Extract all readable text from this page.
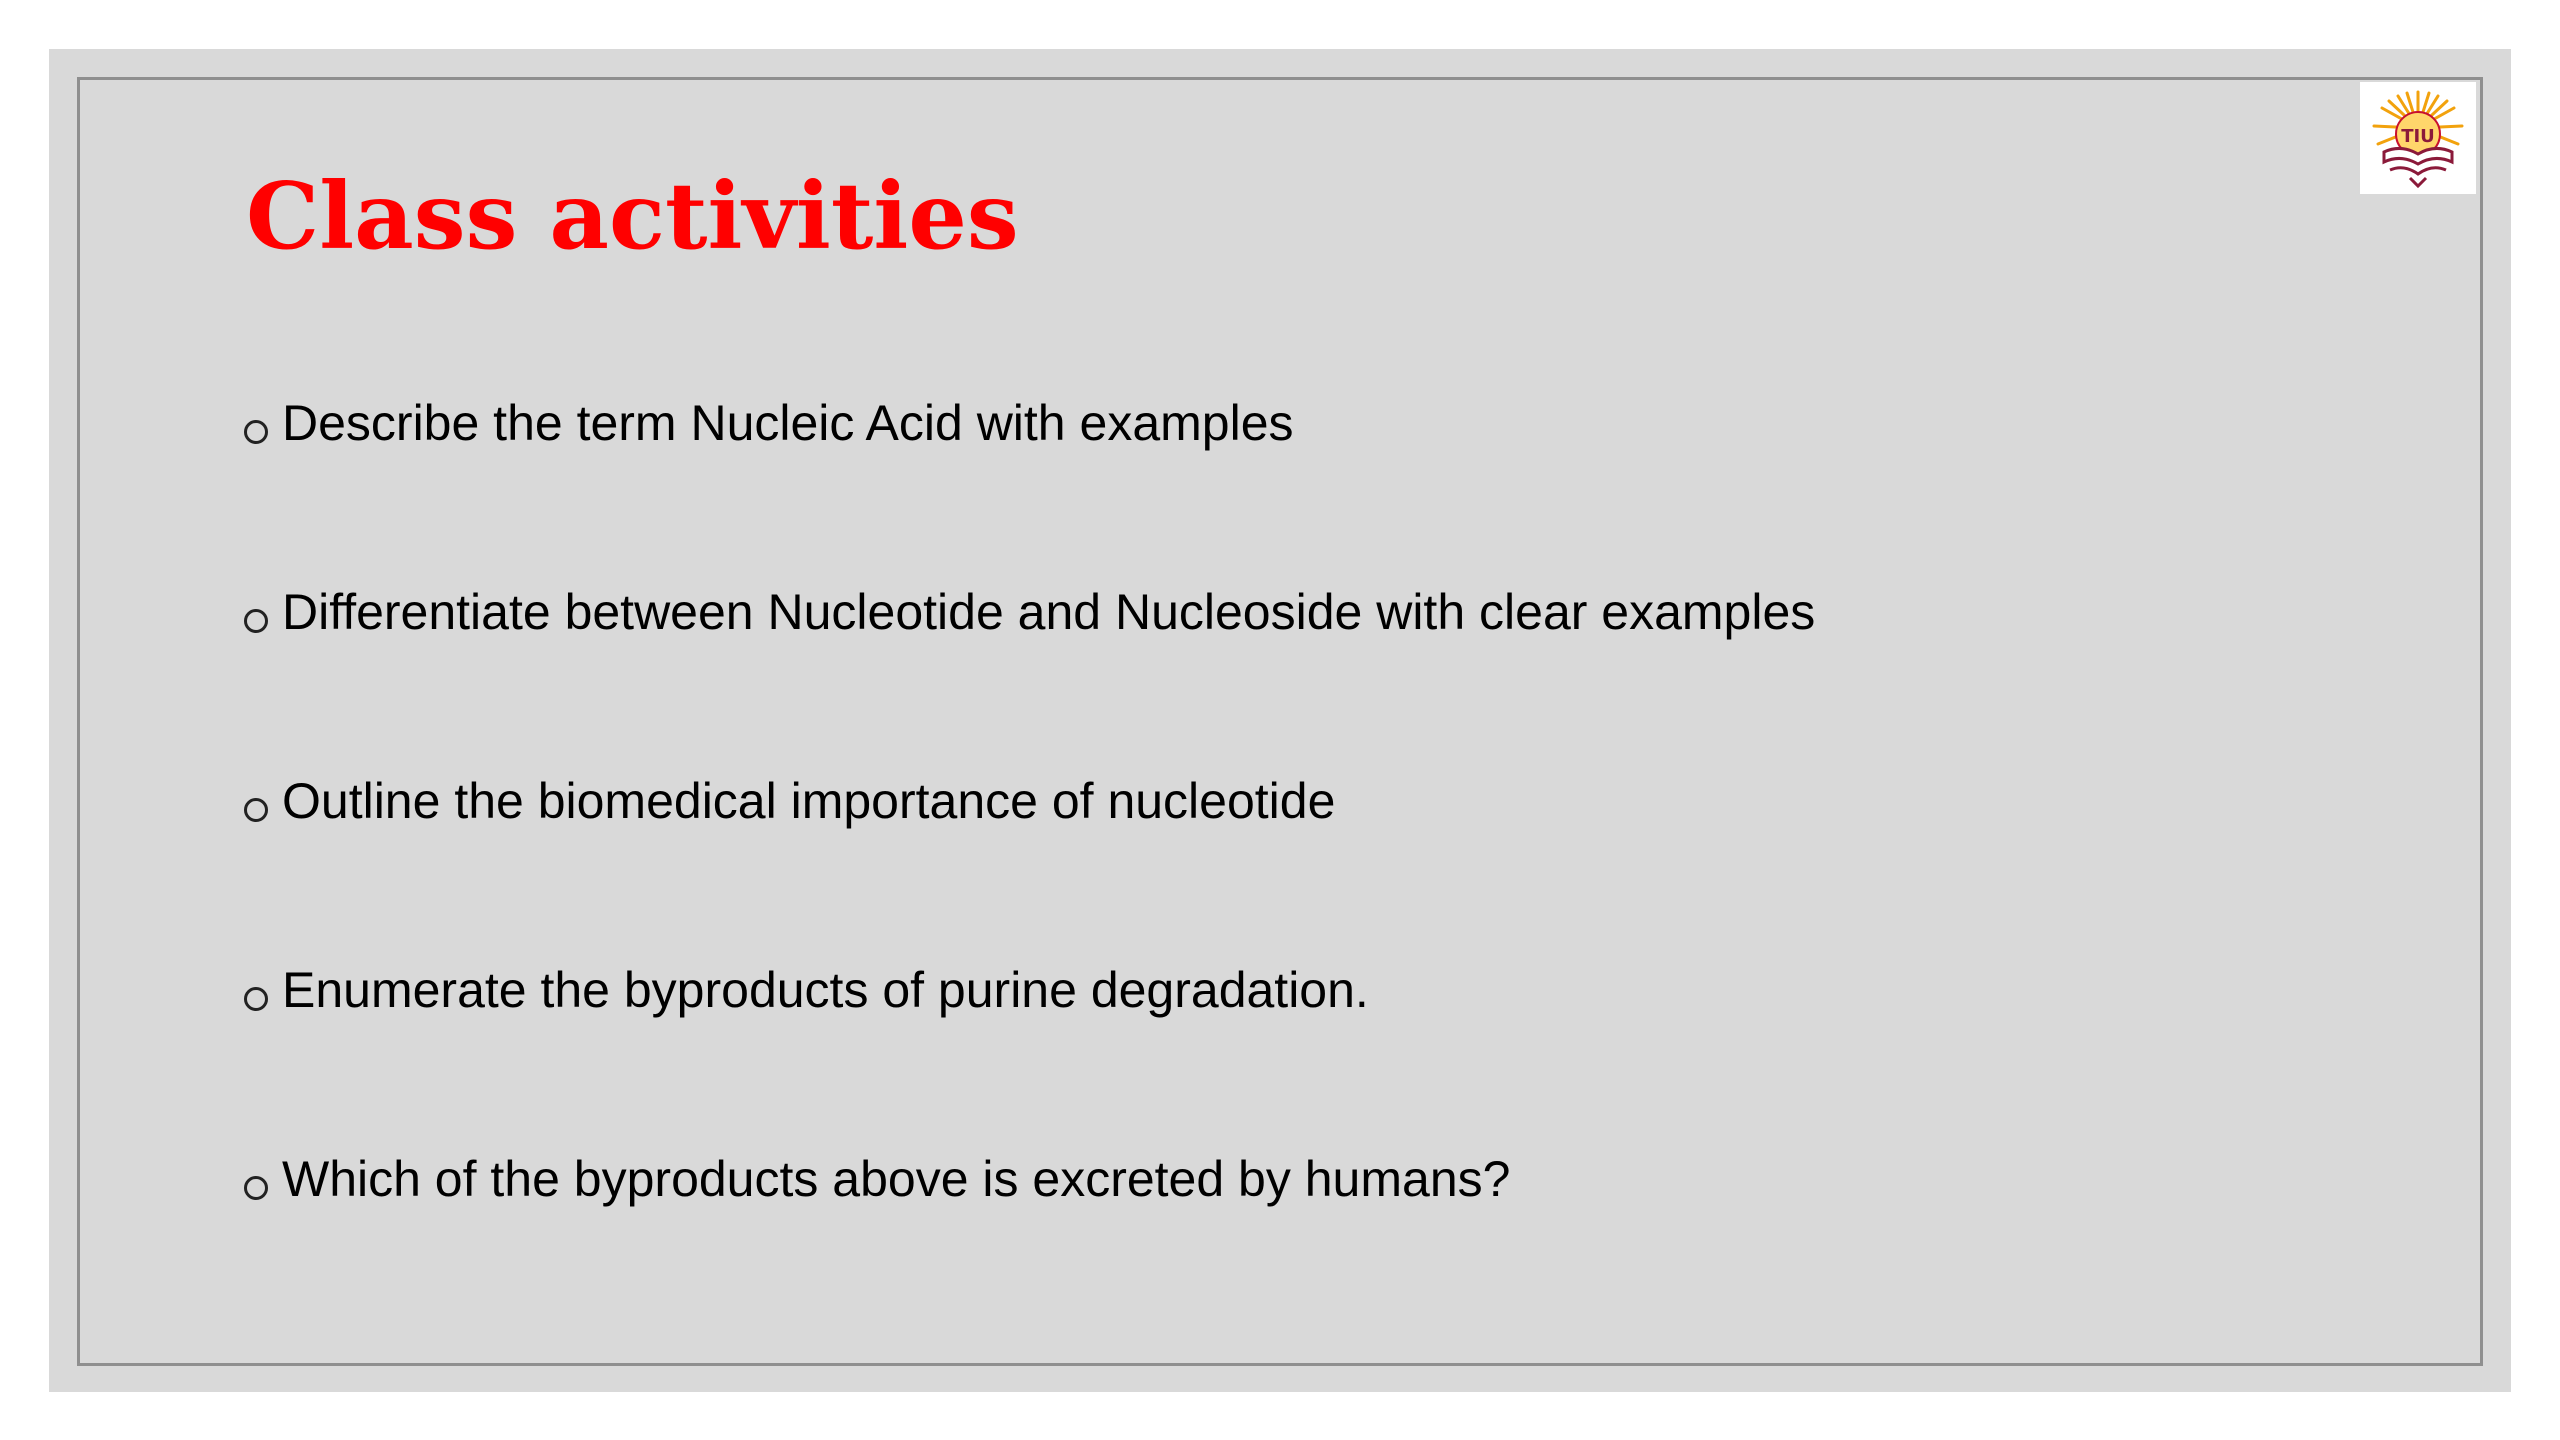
TIU
Class activities
Describe the term Nucleic Acid with examples
Differentiate between Nucleotide and Nucleoside with clear examples
Outline the biomedical importance of nucleotide
Enumerate the byproducts of purine degradation.
Which of the byproducts above is excreted by humans?
